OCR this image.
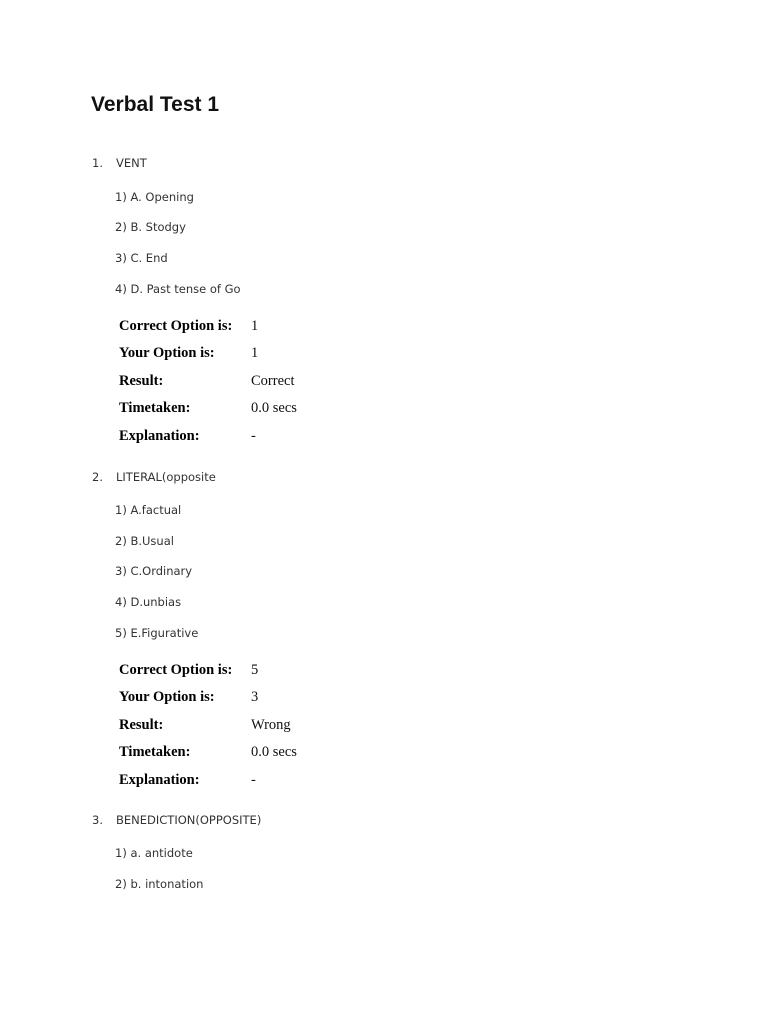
Verbal Test 1
1. VENT
1) A. Opening
2) B. Stodgy
3) C. End
4) D. Past tense of Go
Correct Option is: 1
Your Option is:	1
Result:	Correct
Timetaken:	0.0 secs
Explanation:	-
2. LITERAL(opposite
1) A.factual
2) B.Usual
3) C.Ordinary
4) D.unbias
5) E.Figurative
Correct Option is: 5
Your Option is:	3
Result:	Wrong
Timetaken:	0.0 secs
Explanation:	-
3. BENEDICTION(OPPOSITE)
1) a. antidote
2) b. intonation
